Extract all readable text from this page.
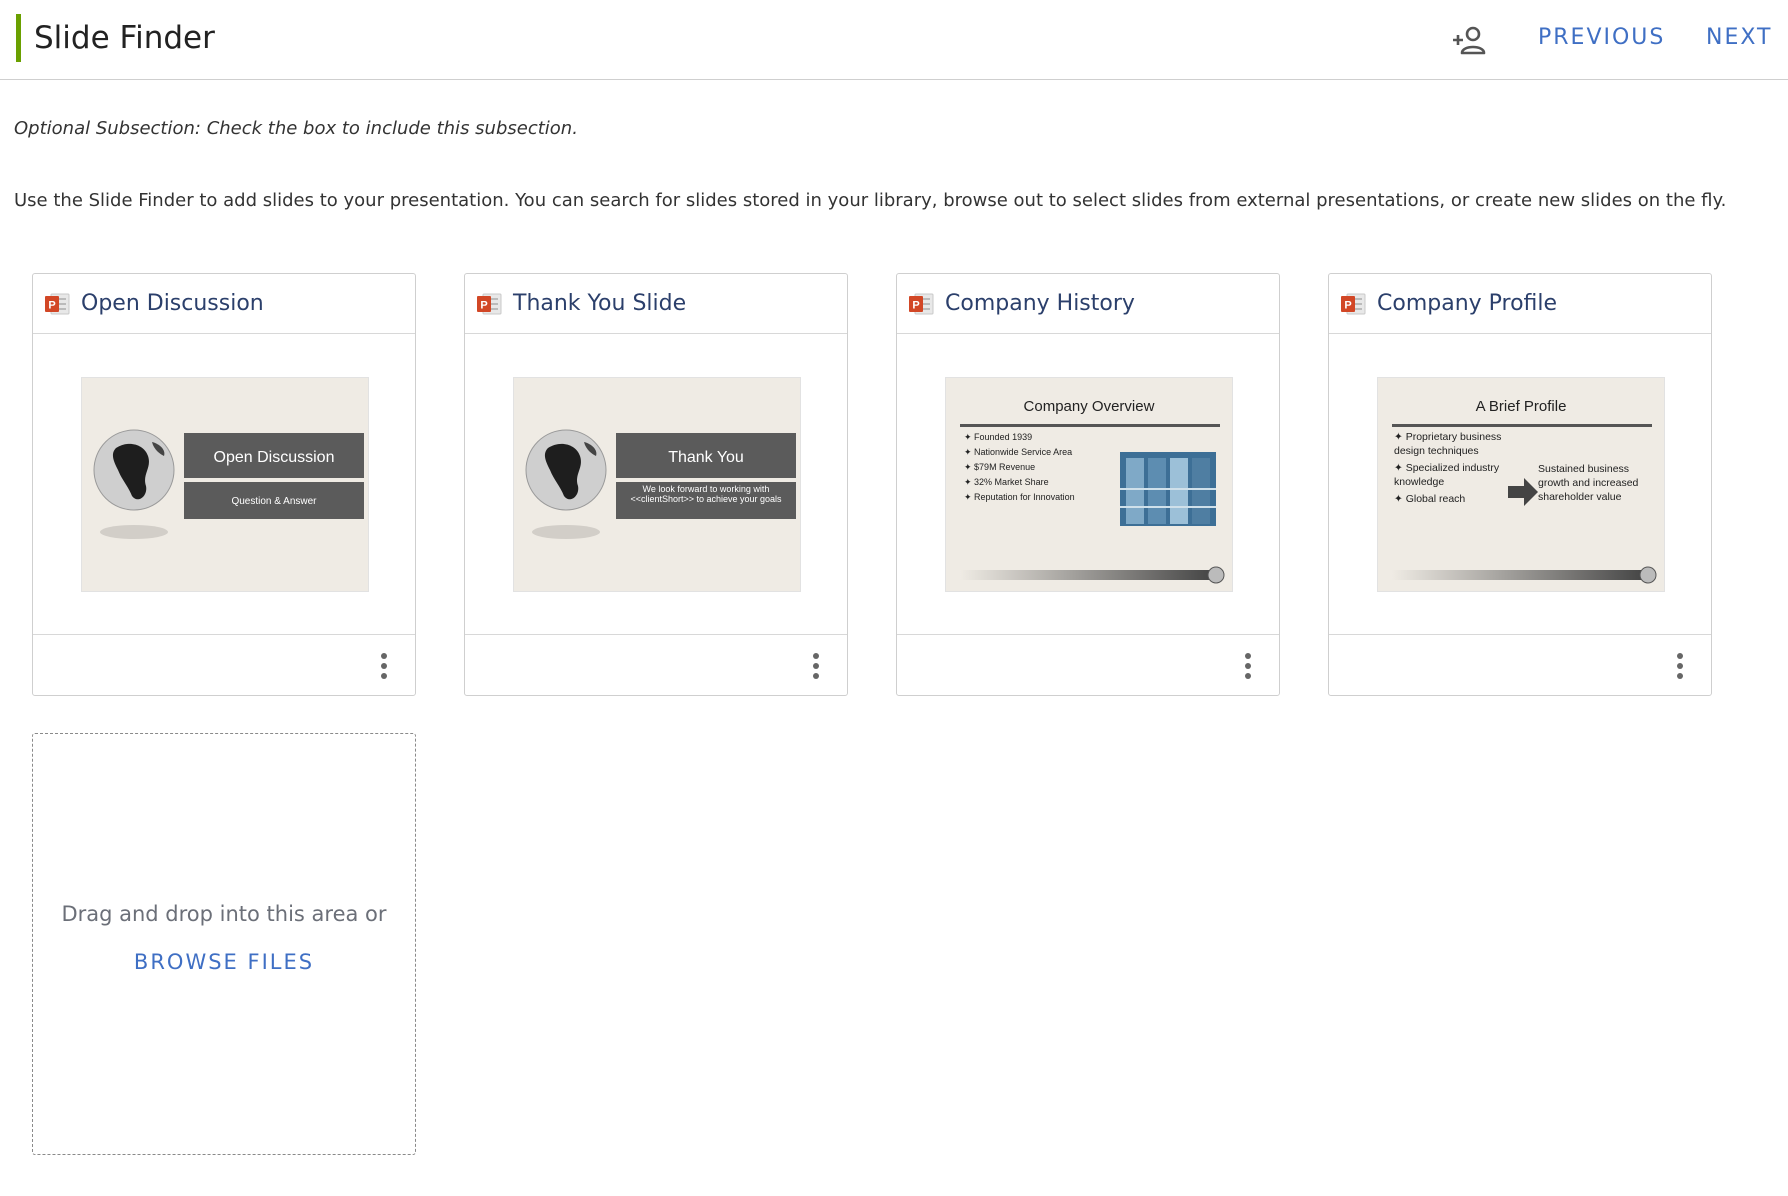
Slide Finder	PREVIOUS NEXT
Optional Subsection: Check the box to include this subsection.
Use the Slide Finder to add slides to your presentation. You can search for slides stored in your library, browse out to select slides from external presentations, or create new slides on the fly.
P Open Discussion
Open Discussion
Question & Answer
P Thank You Slide
Thank You
We look forward to working with <<clientShort>> to achieve your goals
P Company History
Company Overview
✦ Founded 1939
✦ Nationwide Service Area
✦ $79M Revenue
✦ 32% Market Share
✦ Reputation for Innovation
P Company Profile
A Brief Profile
✦ Proprietary business design techniques
✦ Specialized industry knowledge
✦ Global reach
Sustained business growth and increased shareholder value
Drag and drop into this area or
BROWSE FILES
